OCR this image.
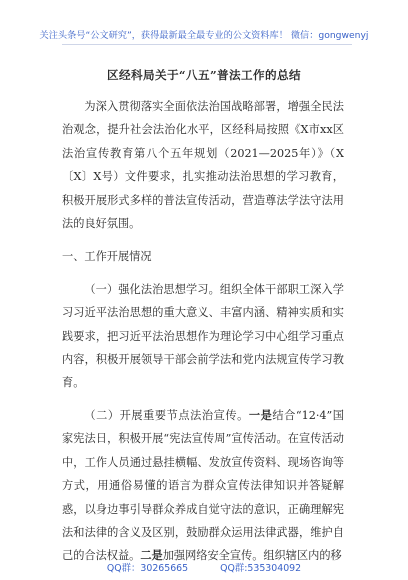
关注头条号“公文研究”，获得最新最全最专业的公文资料库！ 微信：gongwenyj
区经科局关于“八五”普法工作的总结

为深入贯彻落实全面依法治国战略部署，增强全民法治观念，提升社会法治化水平，区经科局按照《X市xx区法治宣传教育第八个五年规划（2021—2025年）》（X〔X〕X号）文件要求，扎实推动法治思想的学习教育，积极开展形式多样的普法宣传活动，营造尊法学法守法用法的良好氛围。

一、工作开展情况

（一）强化法治思想学习。组织全体干部职工深入学习习近平法治思想的重大意义、丰富内涵、精神实质和实践要求，把习近平法治思想作为理论学习中心组学习重点内容，积极开展领导干部会前学法和党内法规宣传学习教育。

（二）开展重要节点法治宣传。一是结合“12·4”国家宪法日，积极开展“宪法宣传周”宣传活动。在宣传活动中，工作人员通过悬挂横幅、发放宣传资料、现场咨询等方式，用通俗易懂的语言为群众宣传法律知识并答疑解惑，以身边事引导群众养成自觉守法的意识，正确理解宪法和法律的含义及区别，鼓励群众运用法律武器，维护自己的合法权益。二是加强网络安全宣传。组织辖区内的移

QQ群：30265665	QQ群:535304092
